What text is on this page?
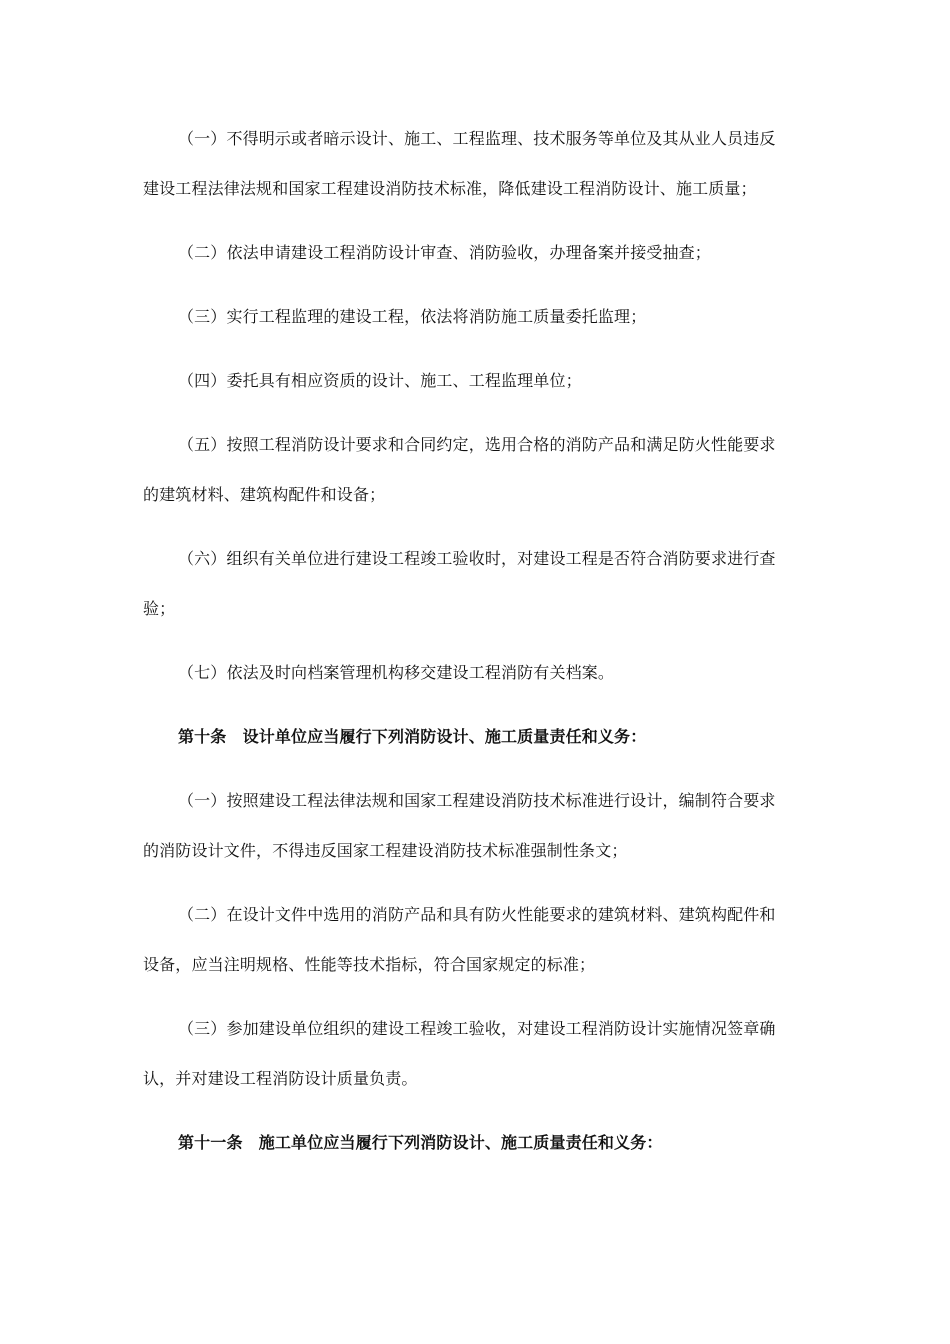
（一）不得明示或者暗示设计、施工、工程监理、技术服务等单位及其从业人员违反
建设工程法律法规和国家工程建设消防技术标准，降低建设工程消防设计、施工质量；
（二）依法申请建设工程消防设计审查、消防验收，办理备案并接受抽查；
（三）实行工程监理的建设工程，依法将消防施工质量委托监理；
（四）委托具有相应资质的设计、施工、工程监理单位；
（五）按照工程消防设计要求和合同约定，选用合格的消防产品和满足防火性能要求
的建筑材料、建筑构配件和设备；
（六）组织有关单位进行建设工程竣工验收时，对建设工程是否符合消防要求进行查
验；
（七）依法及时向档案管理机构移交建设工程消防有关档案。
第十条　设计单位应当履行下列消防设计、施工质量责任和义务：
（一）按照建设工程法律法规和国家工程建设消防技术标准进行设计，编制符合要求
的消防设计文件，不得违反国家工程建设消防技术标准强制性条文；
（二）在设计文件中选用的消防产品和具有防火性能要求的建筑材料、建筑构配件和
设备，应当注明规格、性能等技术指标，符合国家规定的标准；
（三）参加建设单位组织的建设工程竣工验收，对建设工程消防设计实施情况签章确
认，并对建设工程消防设计质量负责。
第十一条　施工单位应当履行下列消防设计、施工质量责任和义务：
